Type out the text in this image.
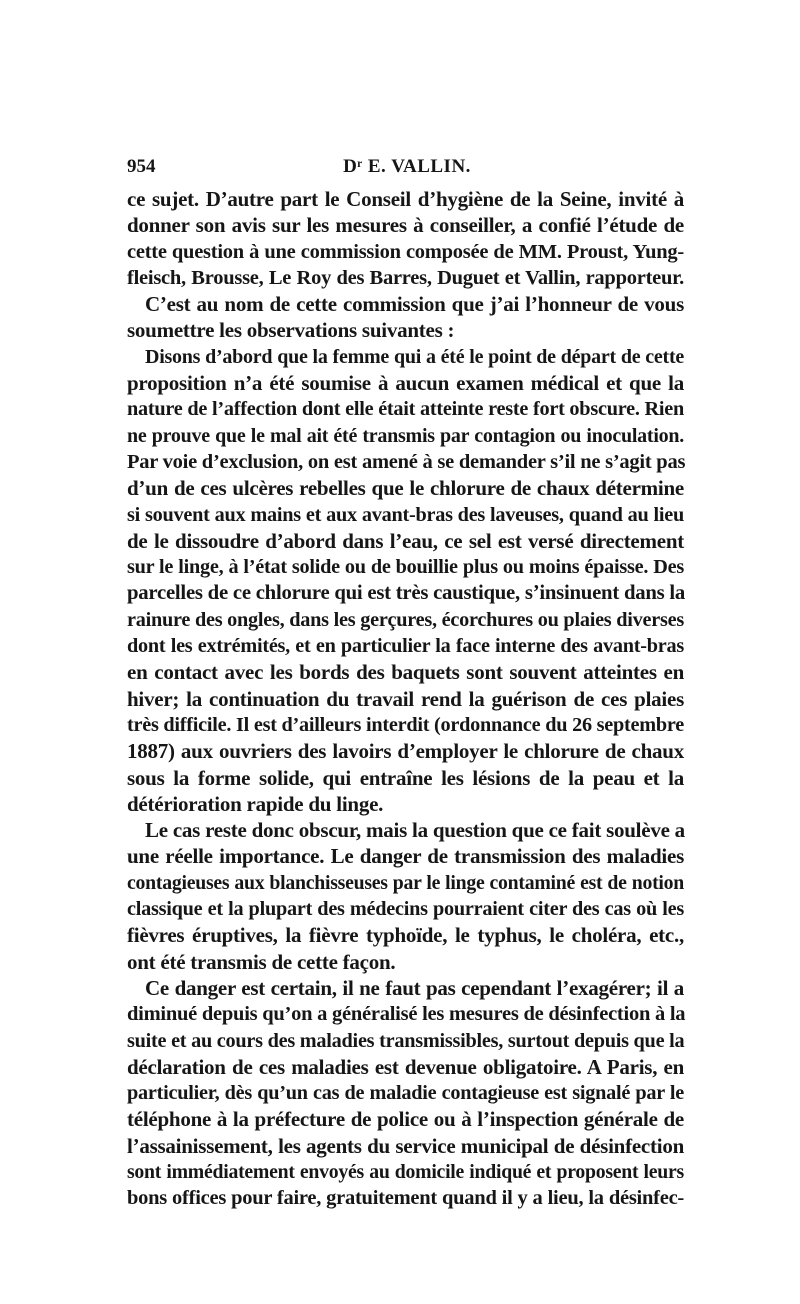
954	Dʳ E. VALLIN.
ce sujet. D’autre part le Conseil d’hygiène de la Seine, invité à
donner son avis sur les mesures à conseiller, a confié l’étude de
cette question à une commission composée de MM. Proust, Yung-
fleisch, Brousse, Le Roy des Barres, Duguet et Vallin, rapporteur.
C’est au nom de cette commission que j’ai l’honneur de vous
soumettre les observations suivantes :
Disons d’abord que la femme qui a été le point de départ de cette
proposition n’a été soumise à aucun examen médical et que la
nature de l’affection dont elle était atteinte reste fort obscure. Rien
ne prouve que le mal ait été transmis par contagion ou inoculation.
Par voie d’exclusion, on est amené à se demander s’il ne s’agit pas
d’un de ces ulcères rebelles que le chlorure de chaux détermine
si souvent aux mains et aux avant-bras des laveuses, quand au lieu
de le dissoudre d’abord dans l’eau, ce sel est versé directement
sur le linge, à l’état solide ou de bouillie plus ou moins épaisse. Des
parcelles de ce chlorure qui est très caustique, s’insinuent dans la
rainure des ongles, dans les gerçures, écorchures ou plaies diverses
dont les extrémités, et en particulier la face interne des avant-bras
en contact avec les bords des baquets sont souvent atteintes en
hiver; la continuation du travail rend la guérison de ces plaies
très difficile. Il est d’ailleurs interdit (ordonnance du 26 septembre
1887) aux ouvriers des lavoirs d’employer le chlorure de chaux
sous la forme solide, qui entraîne les lésions de la peau et la
détérioration rapide du linge.
Le cas reste donc obscur, mais la question que ce fait soulève a
une réelle importance. Le danger de transmission des maladies
contagieuses aux blanchisseuses par le linge contaminé est de notion
classique et la plupart des médecins pourraient citer des cas où les
fièvres éruptives, la fièvre typhoïde, le typhus, le choléra, etc.,
ont été transmis de cette façon.
Ce danger est certain, il ne faut pas cependant l’exagérer; il a
diminué depuis qu’on a généralisé les mesures de désinfection à la
suite et au cours des maladies transmissibles, surtout depuis que la
déclaration de ces maladies est devenue obligatoire. A Paris, en
particulier, dès qu’un cas de maladie contagieuse est signalé par le
téléphone à la préfecture de police ou à l’inspection générale de
l’assainissement, les agents du service municipal de désinfection
sont immédiatement envoyés au domicile indiqué et proposent leurs
bons offices pour faire, gratuitement quand il y a lieu, la désinfec-
